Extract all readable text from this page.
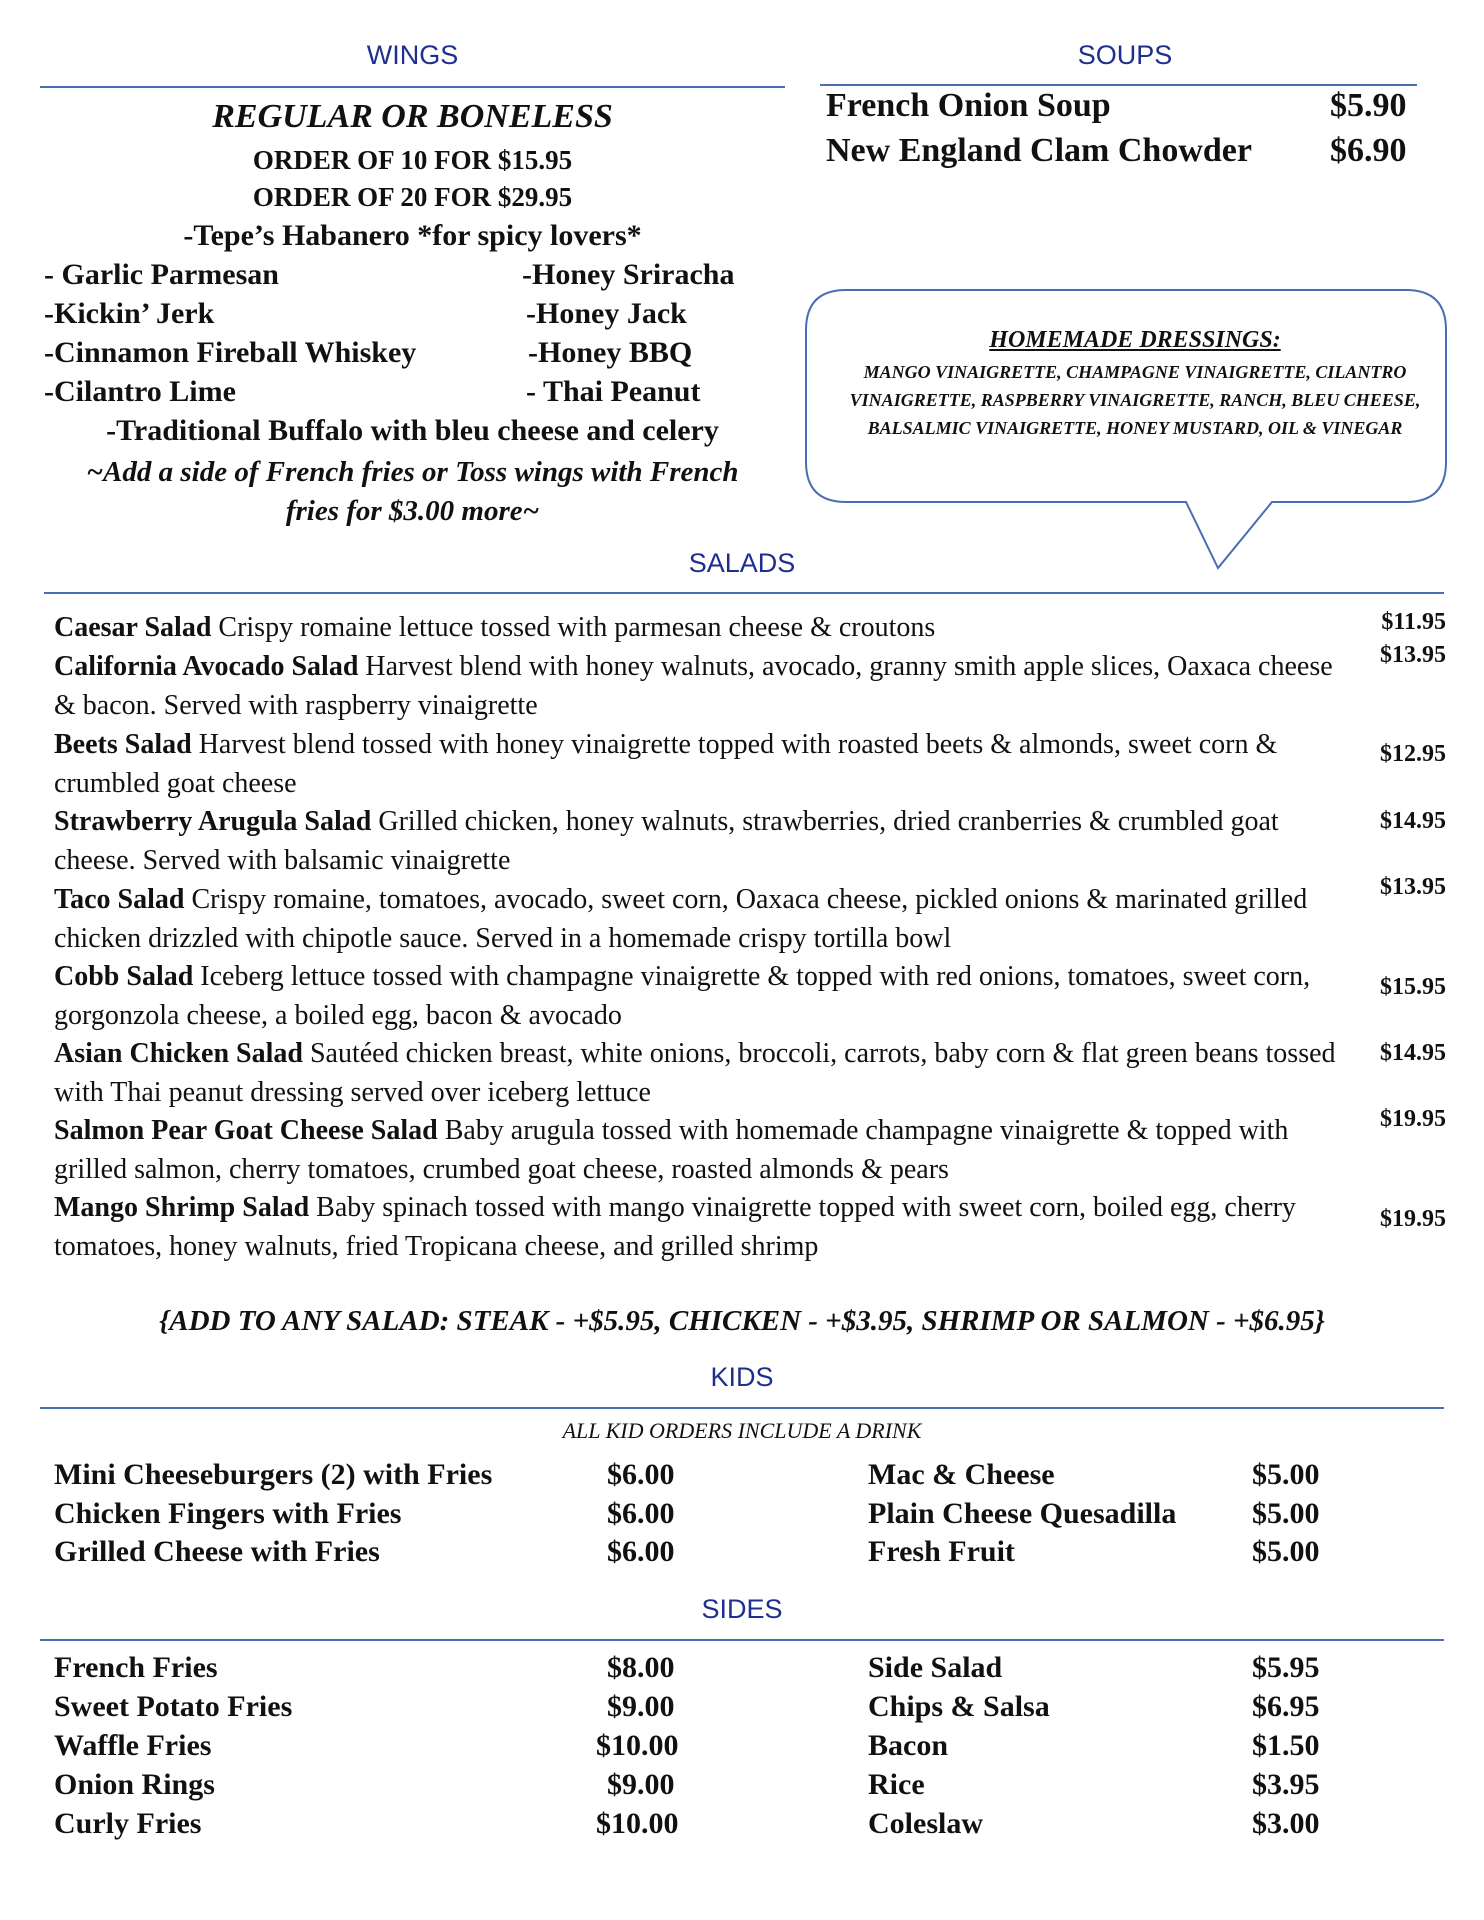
WINGS
REGULAR OR BONELESS
ORDER OF 10 FOR $15.95
ORDER OF 20 FOR $29.95
-Tepe’s Habanero *for spicy lovers*
- Garlic Parmesan
-Kickin’ Jerk
-Cinnamon Fireball Whiskey
-Cilantro Lime
-Honey Sriracha
-Honey Jack
-Honey BBQ
- Thai Peanut
-Traditional Buffalo with bleu cheese and celery
~Add a side of French fries or Toss wings with French
fries for $3.00 more~
SOUPS
French Onion Soup	$5.90
New England Clam Chowder $6.90
HOMEMADE DRESSINGS:
MANGO VINAIGRETTE, CHAMPAGNE VINAIGRETTE, CILANTRO VINAIGRETTE, RASPBERRY VINAIGRETTE, RANCH, BLEU CHEESE, BALSALMIC VINAIGRETTE, HONEY MUSTARD, OIL & VINEGAR
SALADS
Caesar Salad Crispy romaine lettuce tossed with parmesan cheese & croutons	$11.95
California Avocado Salad Harvest blend with honey walnuts, avocado, granny smith apple slices, Oaxaca cheese & bacon. Served with raspberry vinaigrette
$13.95
Beets Salad Harvest blend tossed with honey vinaigrette topped with roasted beets & almonds, sweet corn & crumbled goat cheese
$12.95
Strawberry Arugula Salad Grilled chicken, honey walnuts, strawberries, dried cranberries & crumbled goat cheese. Served with balsamic vinaigrette
$14.95
Taco Salad Crispy romaine, tomatoes, avocado, sweet corn, Oaxaca cheese, pickled onions & marinated grilled chicken drizzled with chipotle sauce. Served in a homemade crispy tortilla bowl
$13.95
Cobb Salad Iceberg lettuce tossed with champagne vinaigrette & topped with red onions, tomatoes, sweet corn, gorgonzola cheese, a boiled egg, bacon & avocado
$15.95
Asian Chicken Salad Sautéed chicken breast, white onions, broccoli, carrots, baby corn & flat green beans tossed with Thai peanut dressing served over iceberg lettuce
$14.95
Salmon Pear Goat Cheese Salad Baby arugula tossed with homemade champagne vinaigrette & topped with grilled salmon, cherry tomatoes, crumbed goat cheese, roasted almonds & pears
$19.95
Mango Shrimp Salad Baby spinach tossed with mango vinaigrette topped with sweet corn, boiled egg, cherry tomatoes, honey walnuts, fried Tropicana cheese, and grilled shrimp
$19.95
{ADD TO ANY SALAD: STEAK - +$5.95, CHICKEN - +$3.95, SHRIMP OR SALMON - +$6.95}
KIDS
ALL KID ORDERS INCLUDE A DRINK
Mini Cheeseburgers (2) with Fries	$6.00
Chicken Fingers with Fries	$6.00
Grilled Cheese with Fries	$6.00
Mac & Cheese	$5.00
Plain Cheese Quesadilla	$5.00
Fresh Fruit	$5.00
SIDES
French Fries	$8.00
Sweet Potato Fries	$9.00
Waffle Fries	$10.00
Onion Rings	$9.00
Curly Fries	$10.00
Side Salad	$5.95
Chips & Salsa	$6.95
Bacon	$1.50
Rice	$3.95
Coleslaw	$3.00
